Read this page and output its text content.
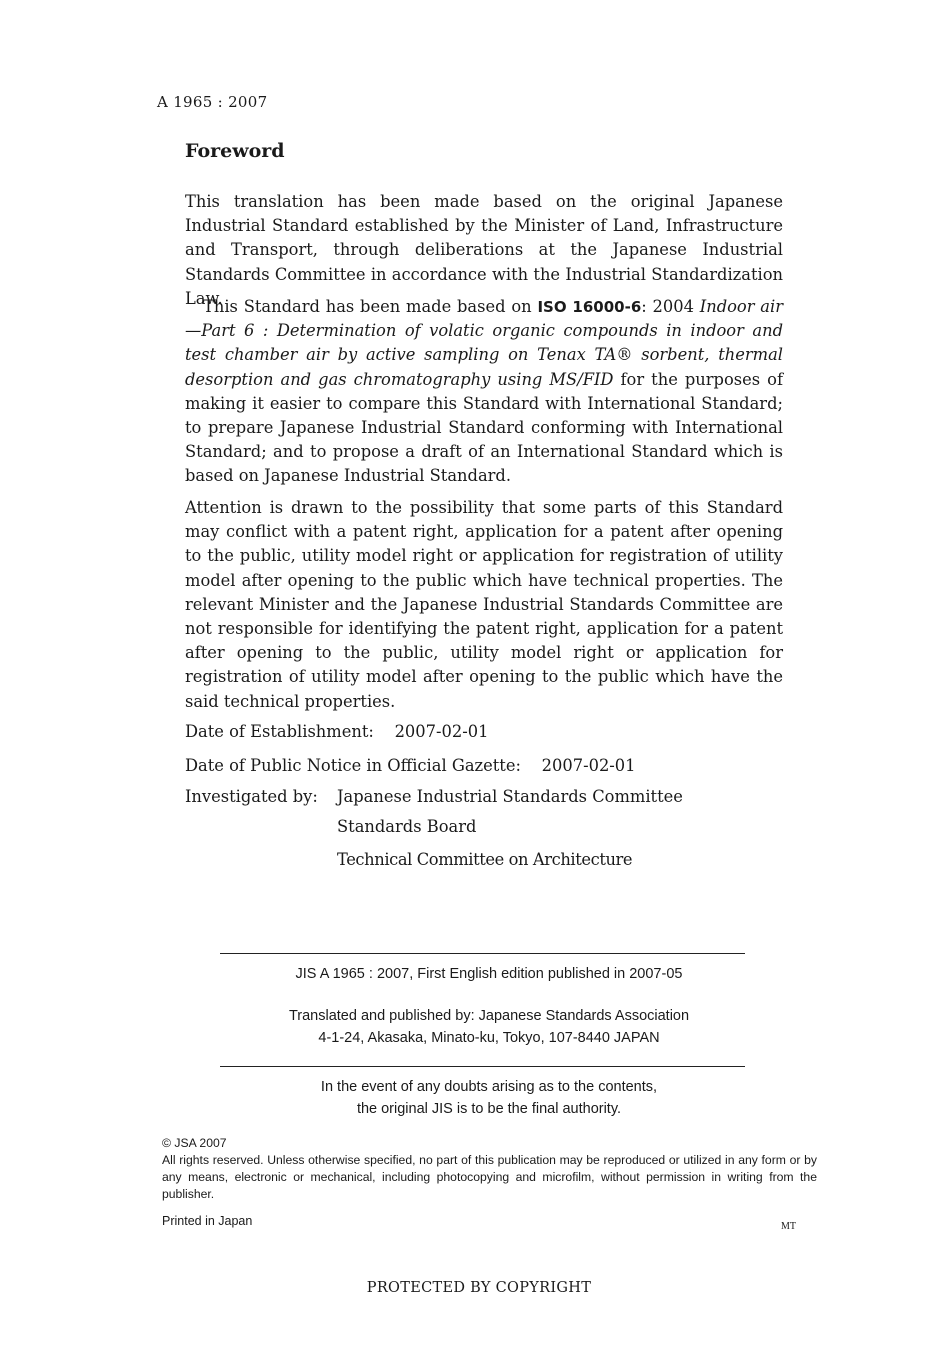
A 1965 : 2007
Foreword

This translation has been made based on the original Japanese Industrial Standard established by the Minister of Land, Infrastructure and Transport, through deliberations at the Japanese Industrial Standards Committee in accordance with the Industrial Standardization Law.

This Standard has been made based on ISO 16000-6: 2004 Indoor air —Part 6 : Determination of volatic organic compounds in indoor and test chamber air by active sampling on Tenax TA® sorbent, thermal desorption and gas chromatography using MS/FID for the purposes of making it easier to compare this Standard with International Standard; to prepare Japanese Industrial Standard conforming with International Standard; and to propose a draft of an International Standard which is based on Japanese Industrial Standard.

Attention is drawn to the possibility that some parts of this Standard may conflict with a patent right, application for a patent after opening to the public, utility model right or application for registration of utility model after opening to the public which have technical properties. The relevant Minister and the Japanese Industrial Standards Committee are not responsible for identifying the patent right, application for a patent after opening to the public, utility model right or application for registration of utility model after opening to the public which have the said technical properties.

Date of Establishment: 2007-02-01
Date of Public Notice in Official Gazette: 2007-02-01
Investigated by: Japanese Industrial Standards Committee
Standards Board
Technical Committee on Architecture
JIS A 1965 : 2007, First English edition published in 2007-05
Translated and published by: Japanese Standards Association
4-1-24, Akasaka, Minato-ku, Tokyo, 107-8440 JAPAN
In the event of any doubts arising as to the contents,
the original JIS is to be the final authority.
© JSA 2007
All rights reserved. Unless otherwise specified, no part of this publication may be reproduced or utilized in any form or by any means, electronic or mechanical, including photocopying and microfilm, without permission in writing from the publisher.
Printed in Japan	MT
PROTECTED BY COPYRIGHT
